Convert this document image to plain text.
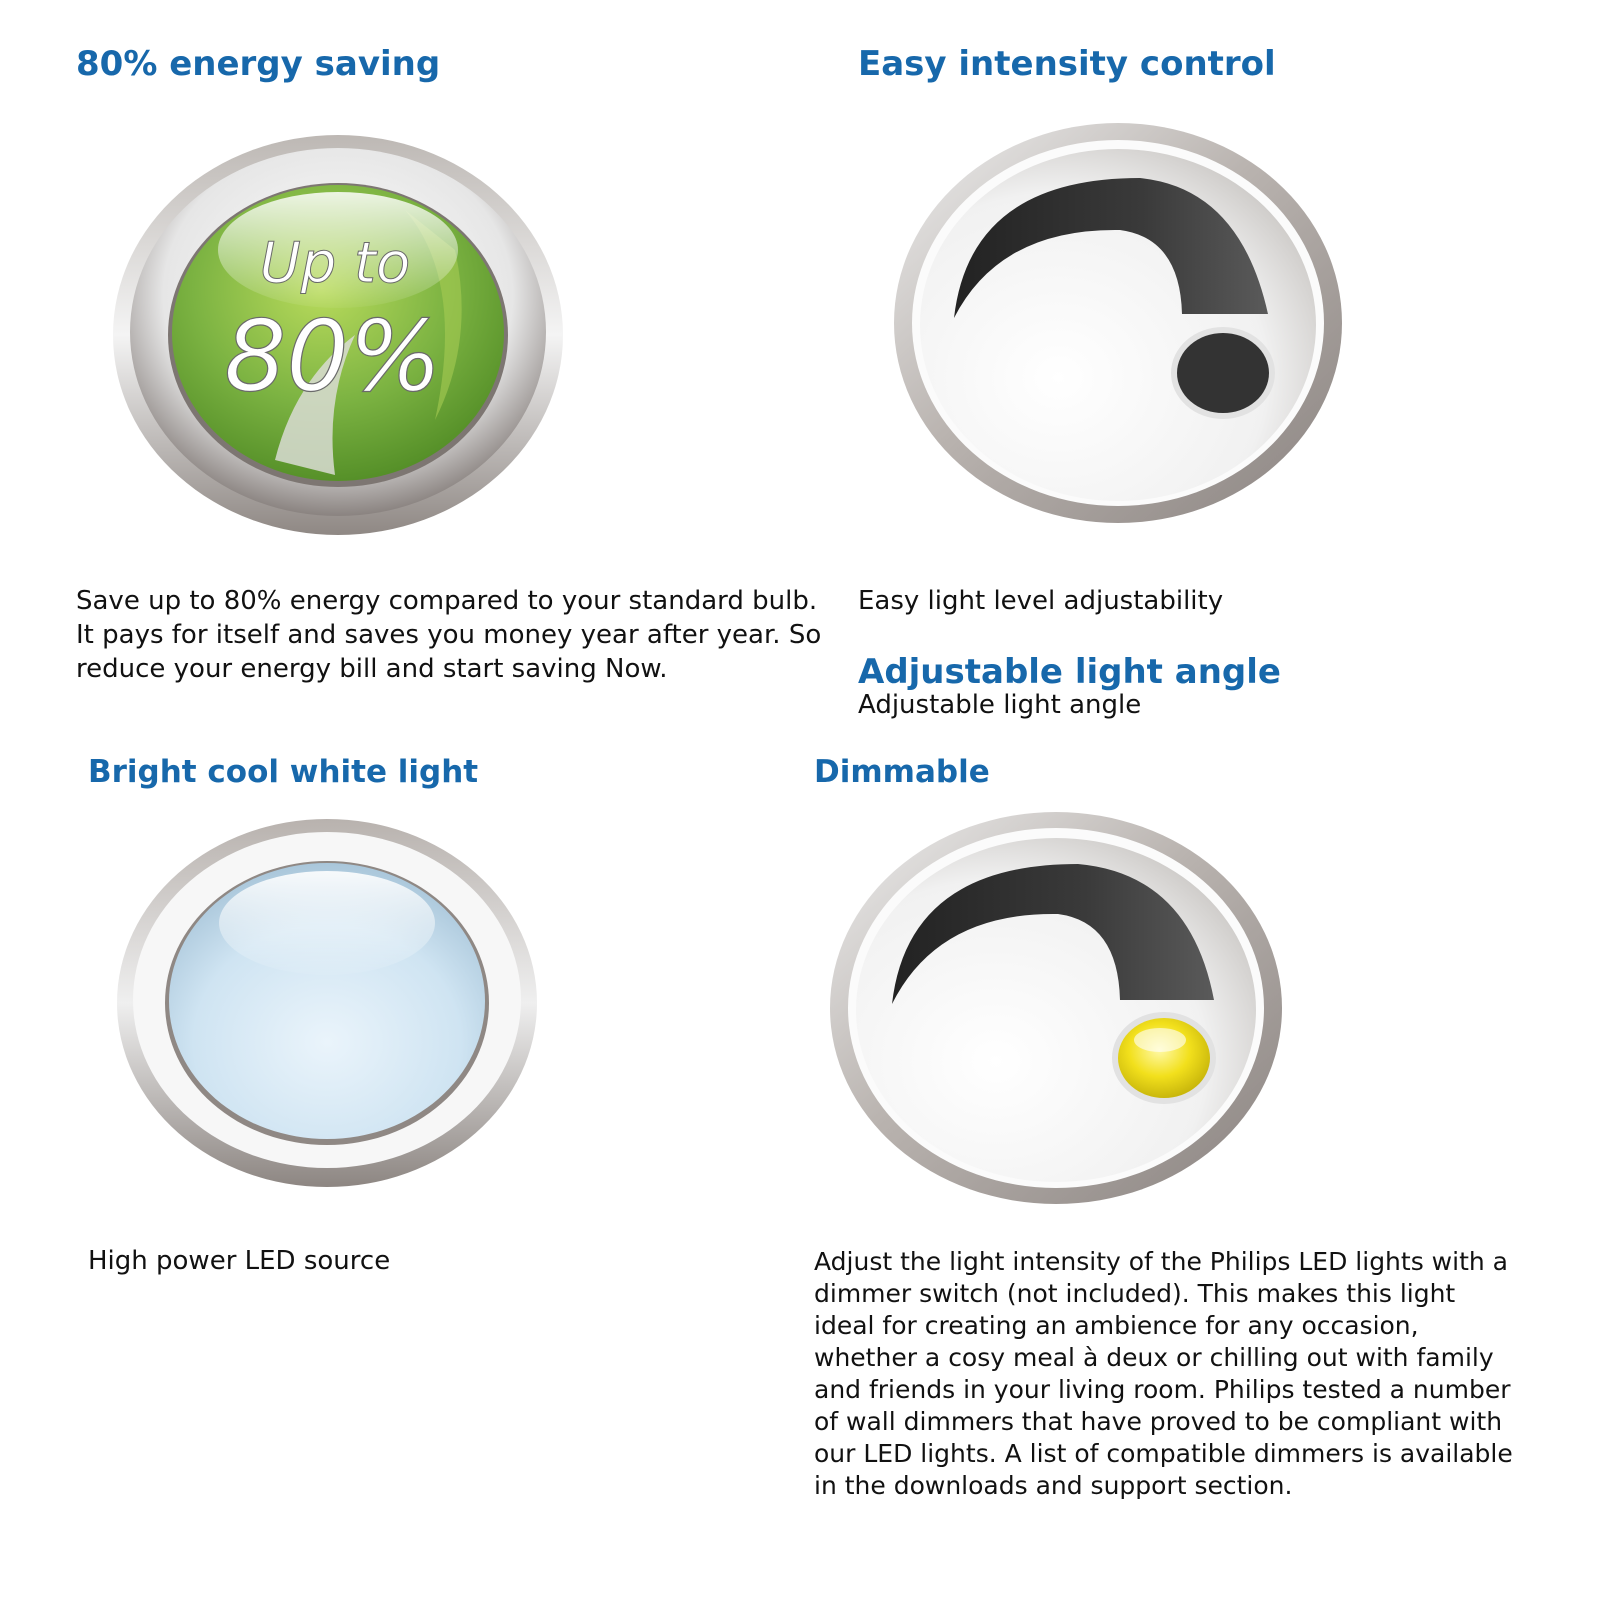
80% energy saving
Up to
80%

Save up to 80% energy compared to your standard bulb. It pays for itself and saves you money year after year. So reduce your energy bill and start saving Now.

Easy intensity control

Easy light level adjustability

Adjustable light angle

Adjustable light angle

Bright cool white light

High power LED source

Dimmable

Adjust the light intensity of the Philips LED lights with a dimmer switch (not included). This makes this light ideal for creating an ambience for any occasion, whether a cosy meal à deux or chilling out with family and friends in your living room. Philips tested a number of wall dimmers that have proved to be compliant with our LED lights. A list of compatible dimmers is available in the downloads and support section.
